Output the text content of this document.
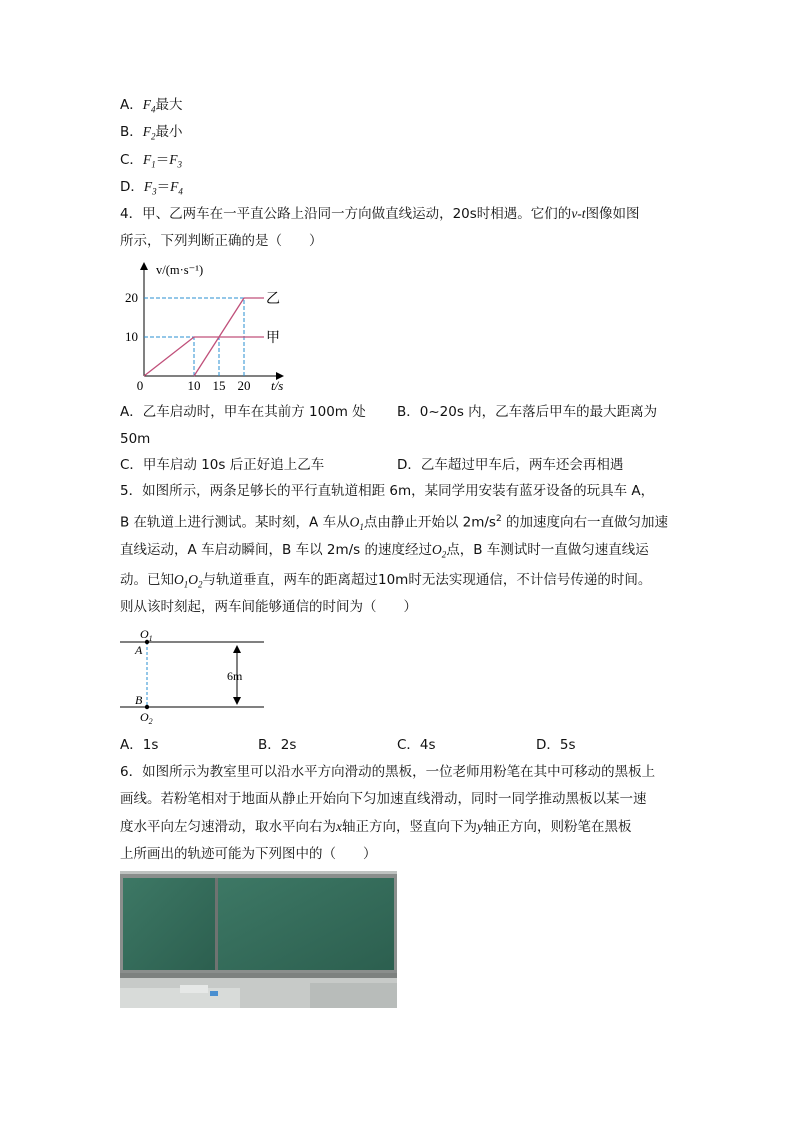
A．$F_4$最大
B．$F_2$最小
C．$F_1=F_3$
D．$F_3=F_4$
4．甲、乙两车在一平直公路上沿同一方向做直线运动，20s时相遇。它们的v-t图像如图
所示，下列判断正确的是（　　）
甲
乙
10 15 20
10
20
0
v/(m·s⁻¹)
t/s
A．乙车启动时，甲车在其前方 100m 处 B．0~20s 内，乙车落后甲车的最大距离为
50m
C．甲车启动 10s 后正好追上乙车	D．乙车超过甲车后，两车还会再相遇
5．如图所示，两条足够长的平行直轨道相距 6m，某同学用安装有蓝牙设备的玩具车 A，
B 在轨道上进行测试。某时刻，A 车从$O_1$点由静止开始以 $2m/s^2$ 的加速度向右一直做匀加速
直线运动，A 车启动瞬间，B 车以 2m/s 的速度经过$O_2$点，B 车测试时一直做匀速直线运
动。已知$O_1O_2$与轨道垂直，两车的距离超过10m时无法实现通信，不计信号传递的时间。
则从该时刻起，两车间能够通信的时间为（　　）
$O_1$
A
B
$O_2$
6m
A．1s	B．2s	C．4s	D．5s
6．如图所示为教室里可以沿水平方向滑动的黑板，一位老师用粉笔在其中可移动的黑板上
画线。若粉笔相对于地面从静止开始向下匀加速直线滑动，同时一同学推动黑板以某一速
度水平向左匀速滑动，取水平向右为x轴正方向，竖直向下为y轴正方向，则粉笔在黑板
上所画出的轨迹可能为下列图中的（　　）
